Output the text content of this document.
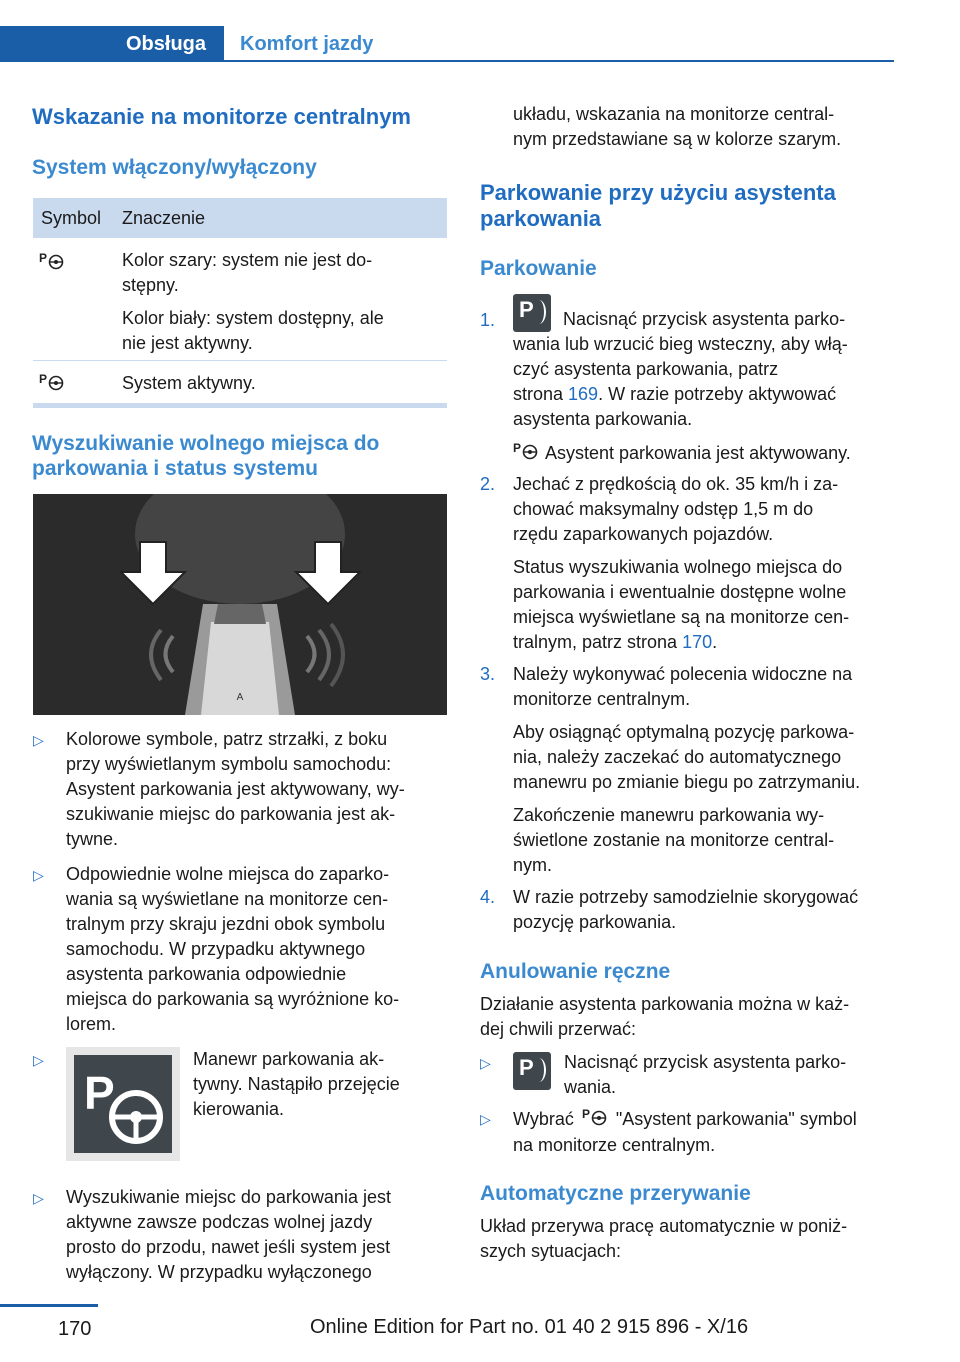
Obsługa	Komfort jazdy
Wskazanie na monitorze centralnym
System włączony/wyłączony
Symbol Znaczenie
P	Kolor szary: system nie jest do-
stępny.
Kolor biały: system dostępny, ale
nie jest aktywny.
P	System aktywny.
Wyszukiwanie wolnego miejsca do
parkowania i status systemu
A
▷ Kolorowe symbole, patrz strzałki, z boku
przy wyświetlanym symbolu samochodu:
Asystent parkowania jest aktywowany, wy-
szukiwanie miejsc do parkowania jest ak-
tywne.
▷ Odpowiednie wolne miejsca do zaparko-
wania są wyświetlane na monitorze cen-
tralnym przy skraju jezdni obok symbolu
samochodu. W przypadku aktywnego
asystenta parkowania odpowiednie
miejsca do parkowania są wyróżnione ko-
lorem.
▷
P
Manewr parkowania ak-
tywny. Nastąpiło przejęcie
kierowania.
▷ Wyszukiwanie miejsc do parkowania jest
aktywne zawsze podczas wolnej jazdy
prosto do przodu, nawet jeśli system jest
wyłączony. W przypadku wyłączonego
układu, wskazania na monitorze central-
nym przedstawiane są w kolorze szarym.
Parkowanie przy użyciu asystenta
parkowania
Parkowanie
1. P Nacisnąć przycisk asystenta parko-
wania lub wrzucić bieg wsteczny, aby włą-
czyć asystenta parkowania, patrz
strona 169. W razie potrzeby aktywować
asystenta parkowania.
P Asystent parkowania jest aktywowany.
2. Jechać z prędkością do ok. 35 km/h i za-
chować maksymalny odstęp 1,5 m do
rzędu zaparkowanych pojazdów.
Status wyszukiwania wolnego miejsca do
parkowania i ewentualnie dostępne wolne
miejsca wyświetlane są na monitorze cen-
tralnym, patrz strona 170.
3. Należy wykonywać polecenia widoczne na
monitorze centralnym.
Aby osiągnąć optymalną pozycję parkowa-
nia, należy zaczekać do automatycznego
manewru po zmianie biegu po zatrzymaniu.
Zakończenie manewru parkowania wy-
świetlone zostanie na monitorze central-
nym.
4. W razie potrzeby samodzielnie skorygować
pozycję parkowania.
Anulowanie ręczne
Działanie asystenta parkowania można w każ-
dej chwili przerwać:
▷ P Nacisnąć przycisk asystenta parko-
wania.
▷ Wybrać P "Asystent parkowania" symbol
na monitorze centralnym.
Automatyczne przerywanie
Układ przerywa pracę automatycznie w poniż-
szych sytuacjach:
170	Online Edition for Part no. 01 40 2 915 896 - X/16
